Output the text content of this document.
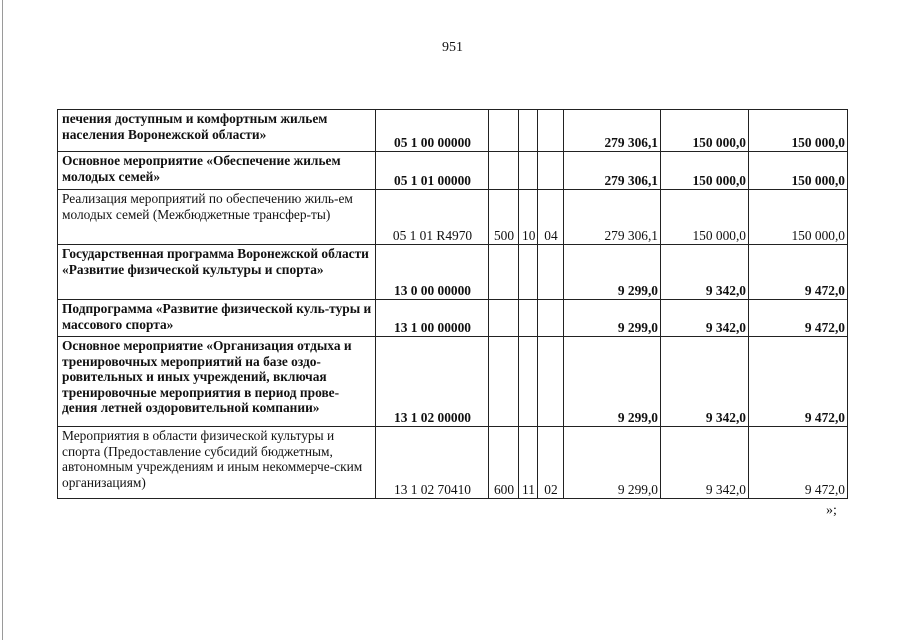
951
печения доступным и комфортным жильем населения Воронежской области»	05 1 00 00000				279 306,1	150 000,0	150 000,0
Основное мероприятие «Обеспечение жильем молодых семей»	05 1 01 00000				279 306,1	150 000,0	150 000,0
Реализация мероприятий по обеспечению жиль-ем молодых семей (Межбюджетные трансфер-ты)	05 1 01 R4970	500	10	04	279 306,1	150 000,0	150 000,0
Государственная программа Воронежской области «Развитие физической культуры и спорта»	13 0 00 00000				9 299,0	9 342,0	9 472,0
Подпрограмма «Развитие физической куль-туры и массового спорта»	13 1 00 00000				9 299,0	9 342,0	9 472,0
Основное мероприятие «Организация отдыха и тренировочных мероприятий на базе оздо-ровительных и иных учреждений, включая тренировочные мероприятия в период прове-дения летней оздоровительной компании»	13 1 02 00000				9 299,0	9 342,0	9 472,0
Мероприятия в области физической культуры и спорта (Предоставление субсидий бюджетным, автономным учреждениям и иным некоммерче-ским организациям)	13 1 02 70410	600	11	02	9 299,0	9 342,0	9 472,0
»;
